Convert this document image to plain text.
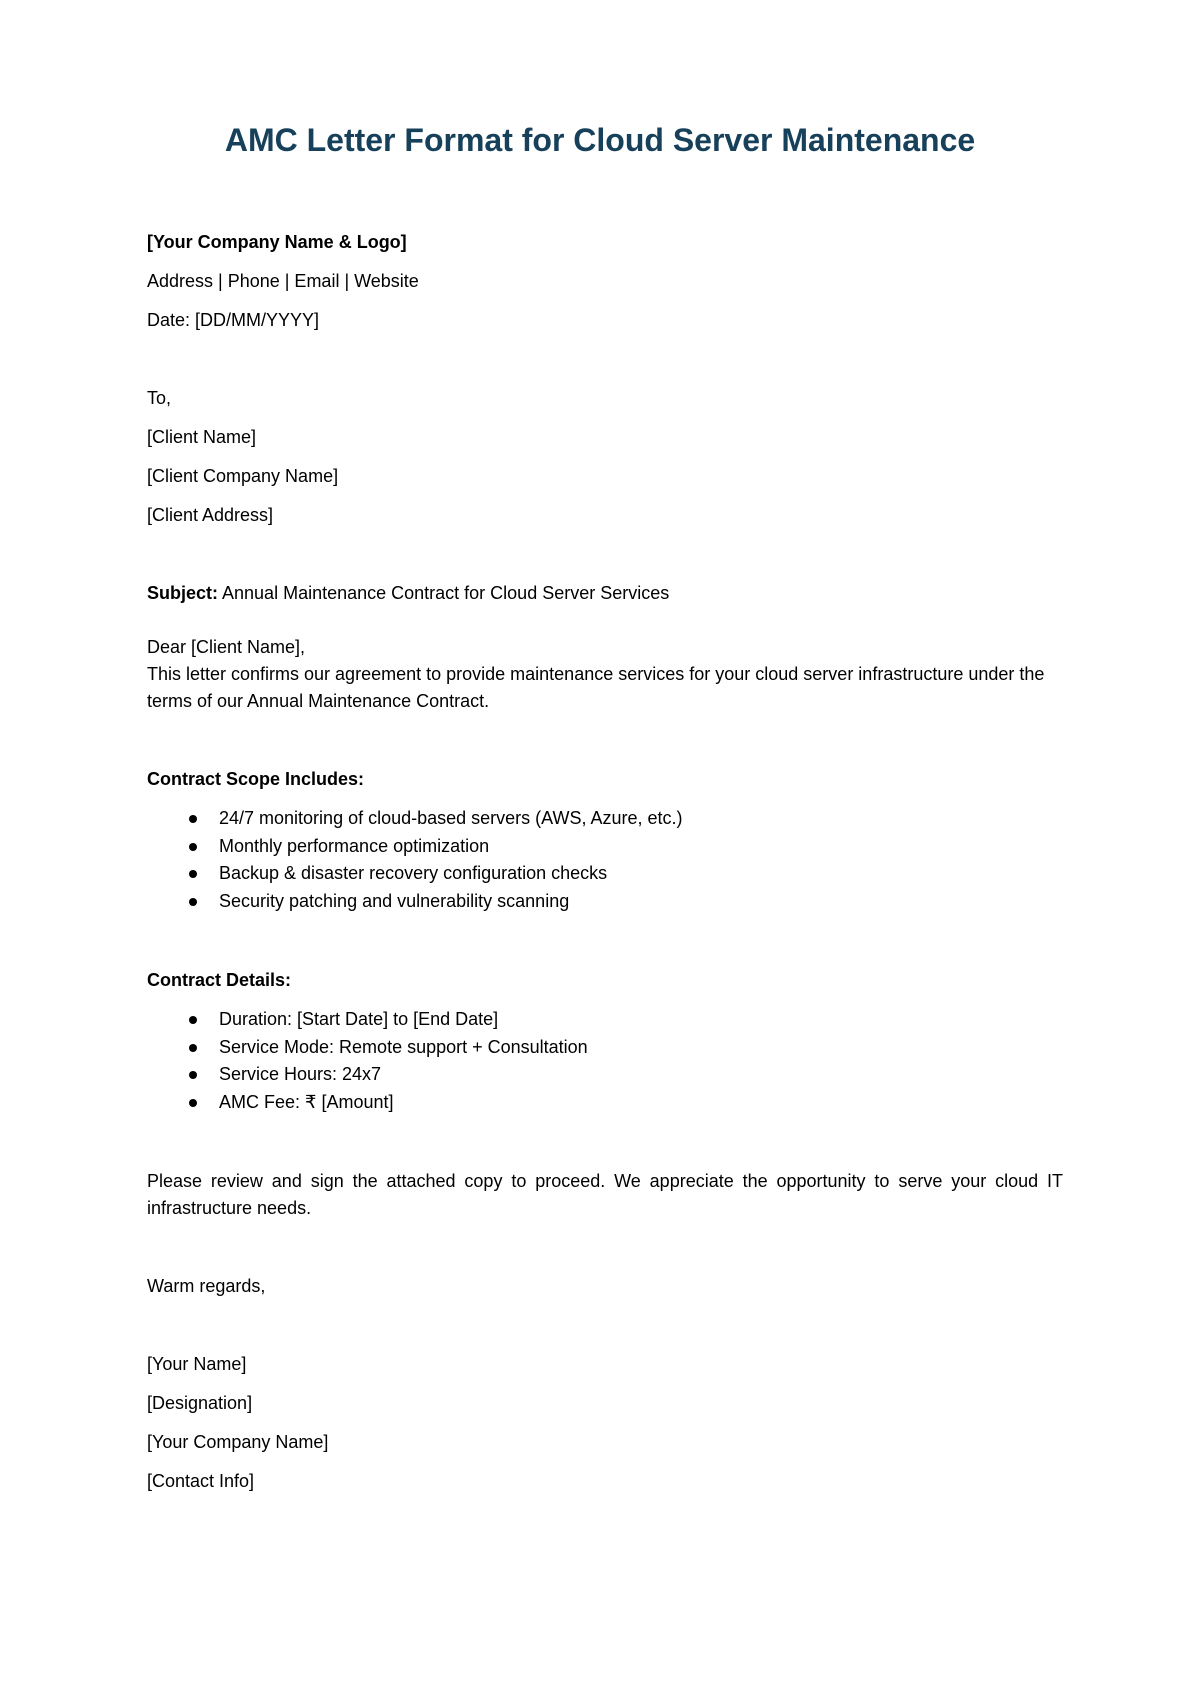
AMC Letter Format for Cloud Server Maintenance
[Your Company Name & Logo]
Address | Phone | Email | Website
Date: [DD/MM/YYYY]
To,
[Client Name]
[Client Company Name]
[Client Address]
Subject: Annual Maintenance Contract for Cloud Server Services
Dear [Client Name],

This letter confirms our agreement to provide maintenance services for your cloud server infrastructure under the terms of our Annual Maintenance Contract.

Contract Scope Includes:
24/7 monitoring of cloud-based servers (AWS, Azure, etc.)
Monthly performance optimization
Backup & disaster recovery configuration checks
Security patching and vulnerability scanning
Contract Details:
Duration: [Start Date] to [End Date]
Service Mode: Remote support + Consultation
Service Hours: 24x7
AMC Fee: ₹ [Amount]

Please review and sign the attached copy to proceed. We appreciate the opportunity to serve your cloud IT infrastructure needs.

Warm regards,
[Your Name]
[Designation]
[Your Company Name]
[Contact Info]
